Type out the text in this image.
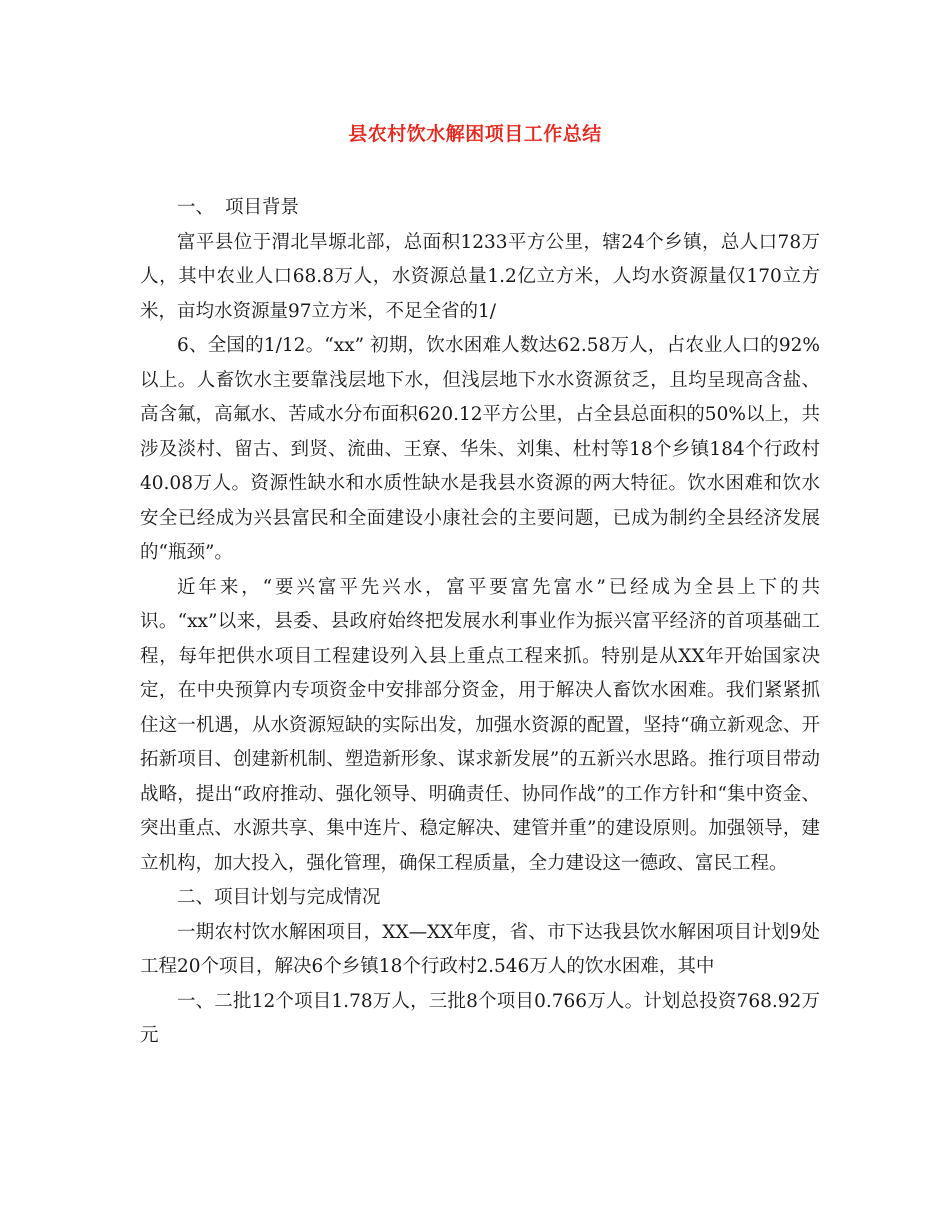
县农村饮水解困项目工作总结

一、 项目背景

富平县位于渭北旱塬北部，总面积1233平方公里，辖24个乡镇，总人口78万人，其中农业人口68.8万人，水资源总量1.2亿立方米，人均水资源量仅170立方米，亩均水资源量97立方米，不足全省的1/

6、全国的1/12。“xx” 初期，饮水困难人数达62.58万人，占农业人口的92%以上。人畜饮水主要靠浅层地下水，但浅层地下水水资源贫乏，且均呈现高含盐、高含氟，高氟水、苦咸水分布面积620.12平方公里，占全县总面积的50%以上，共涉及淡村、留古、到贤、流曲、王寮、华朱、刘集、杜村等18个乡镇184个行政村40.08万人。资源性缺水和水质性缺水是我县水资源的两大特征。饮水困难和饮水安全已经成为兴县富民和全面建设小康社会的主要问题，已成为制约全县经济发展的“瓶颈”。

近年来，“要兴富平先兴水，富平要富先富水”已经成为全县上下的共识。“xx”以来，县委、县政府始终把发展水利事业作为振兴富平经济的首项基础工程，每年把供水项目工程建设列入县上重点工程来抓。特别是从XX年开始国家决定，在中央预算内专项资金中安排部分资金，用于解决人畜饮水困难。我们紧紧抓住这一机遇，从水资源短缺的实际出发，加强水资源的配置，坚持“确立新观念、开拓新项目、创建新机制、塑造新形象、谋求新发展”的五新兴水思路。推行项目带动战略，提出“政府推动、强化领导、明确责任、协同作战”的工作方针和“集中资金、突出重点、水源共享、集中连片、稳定解决、建管并重”的建设原则。加强领导，建立机构，加大投入，强化管理，确保工程质量，全力建设这一德政、富民工程。

二、项目计划与完成情况

一期农村饮水解困项目，XX—XX年度，省、市下达我县饮水解困项目计划9处工程20个项目，解决6个乡镇18个行政村2.546万人的饮水困难，其中

一、二批12个项目1.78万人，三批8个项目0.766万人。计划总投资768.92万元
